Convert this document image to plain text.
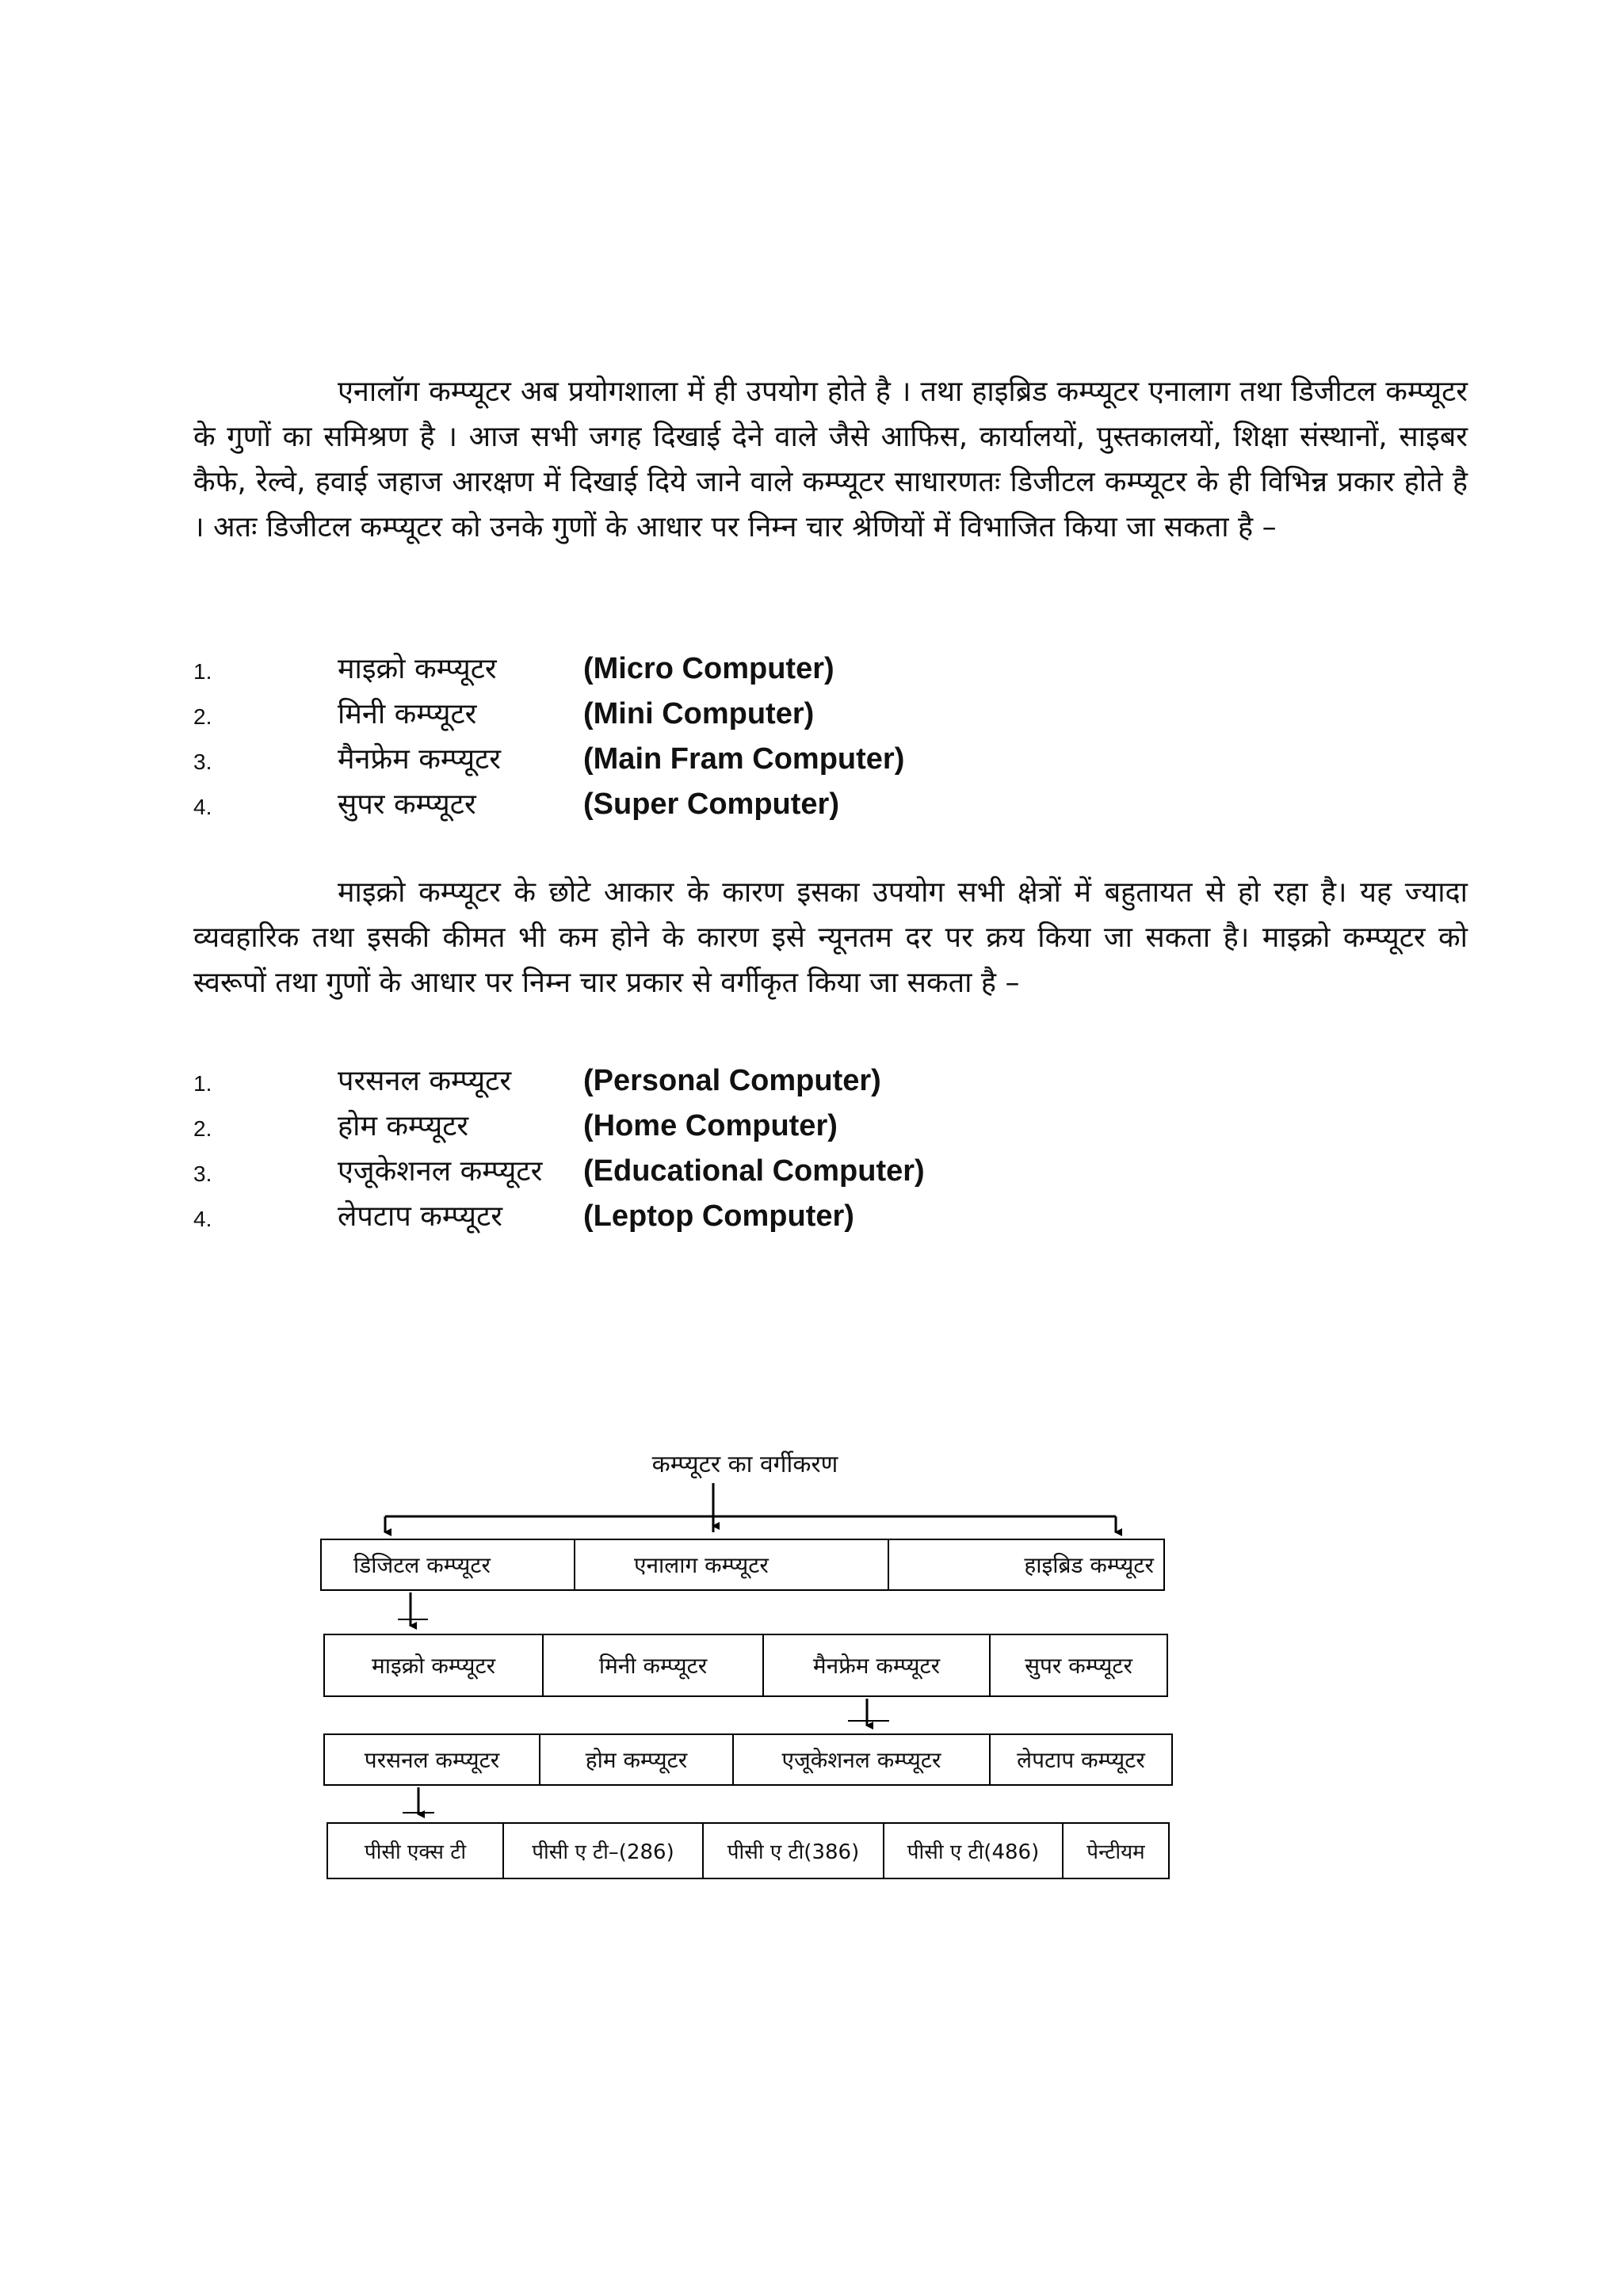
एनालॉग कम्प्यूटर अब प्रयोगशाला में ही उपयोग होते है । तथा हाइब्रिड कम्प्यूटर एनालाग तथा डिजीटल कम्प्यूटर के गुणों का समिश्रण है । आज सभी जगह दिखाई देने वाले जैसे आफिस, कार्यालयों, पुस्तकालयों, शिक्षा संस्थानों, साइबर कैफे, रेल्वे, हवाई जहाज आरक्षण में दिखाई दिये जाने वाले कम्प्यूटर साधारणतः डिजीटल कम्प्यूटर के ही विभिन्न प्रकार होते है । अतः डिजीटल कम्प्यूटर को उनके गुणों के आधार पर निम्न चार श्रेणियों में विभाजित किया जा सकता है –

1.	माइक्रो कम्प्यूटर	(Micro Computer)
2.	मिनी कम्प्यूटर	(Mini Computer)
3.	मैनफ्रेम कम्प्यूटर	(Main Fram Computer)
4.	सुपर कम्प्यूटर	(Super Computer)

माइक्रो कम्प्यूटर के छोटे आकार के कारण इसका उपयोग सभी क्षेत्रों में बहुतायत से हो रहा है। यह ज्यादा व्यवहारिक तथा इसकी कीमत भी कम होने के कारण इसे न्यूनतम दर पर क्रय किया जा सकता है। माइक्रो कम्प्यूटर को स्वरूपों तथा गुणों के आधार पर निम्न चार प्रकार से वर्गीकृत किया जा सकता है –

1.	परसनल कम्प्यूटर (Personal Computer)
2.	होम कम्प्यूटर	(Home Computer)
3.	एजूकेशनल कम्प्यूटर (Educational Computer)
4.	लेपटाप कम्प्यूटर	(Leptop Computer)
कम्प्यूटर का वर्गीकरण
डिजिटल कम्प्यूटर	एनालाग कम्प्यूटर	हाइब्रिड कम्प्यूटर
माइक्रो कम्प्यूटर	मिनी कम्प्यूटर	मैनफ्रेम कम्प्यूटर	सुपर कम्प्यूटर
परसनल कम्प्यूटर	होम कम्प्यूटर	एजूकेशनल कम्प्यूटर	लेपटाप कम्प्यूटर
पीसी एक्स टी	पीसी ए टी–(286)	पीसी ए टी(386)	पीसी ए टी(486)	पेन्टीयम
